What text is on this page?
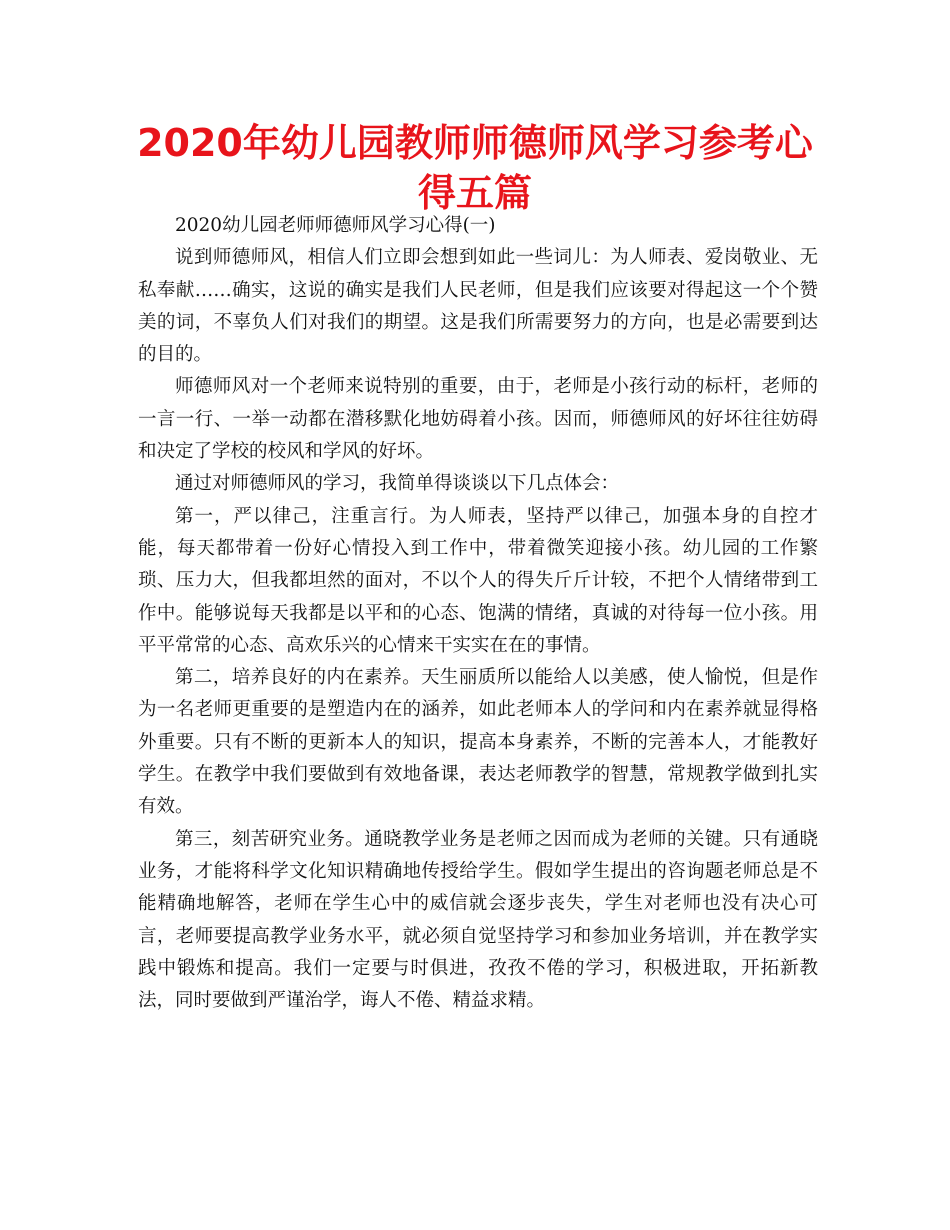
2020年幼儿园教师师德师风学习参考心得五篇

2020幼儿园老师师德师风学习心得(一)

说到师德师风，相信人们立即会想到如此一些词儿：为人师表、爱岗敬业、无私奉献……确实，这说的确实是我们人民老师，但是我们应该要对得起这一个个赞美的词，不辜负人们对我们的期望。这是我们所需要努力的方向，也是必需要到达的目的。

师德师风对一个老师来说特别的重要，由于，老师是小孩行动的标杆，老师的一言一行、一举一动都在潜移默化地妨碍着小孩。因而，师德师风的好坏往往妨碍和决定了学校的校风和学风的好坏。

通过对师德师风的学习，我简单得谈谈以下几点体会：

第一，严以律己，注重言行。为人师表，坚持严以律己，加强本身的自控才能，每天都带着一份好心情投入到工作中，带着微笑迎接小孩。幼儿园的工作繁琐、压力大，但我都坦然的面对，不以个人的得失斤斤计较，不把个人情绪带到工作中。能够说每天我都是以平和的心态、饱满的情绪，真诚的对待每一位小孩。用平平常常的心态、高欢乐兴的心情来干实实在在的事情。

第二，培养良好的内在素养。天生丽质所以能给人以美感，使人愉悦，但是作为一名老师更重要的是塑造内在的涵养，如此老师本人的学问和内在素养就显得格外重要。只有不断的更新本人的知识，提高本身素养，不断的完善本人，才能教好学生。在教学中我们要做到有效地备课，表达老师教学的智慧，常规教学做到扎实有效。

第三，刻苦研究业务。通晓教学业务是老师之因而成为老师的关键。只有通晓业务，才能将科学文化知识精确地传授给学生。假如学生提出的咨询题老师总是不能精确地解答，老师在学生心中的威信就会逐步丧失，学生对老师也没有决心可言，老师要提高教学业务水平，就必须自觉坚持学习和参加业务培训，并在教学实践中锻炼和提高。我们一定要与时俱进，孜孜不倦的学习，积极进取，开拓新教法，同时要做到严谨治学，诲人不倦、精益求精。
